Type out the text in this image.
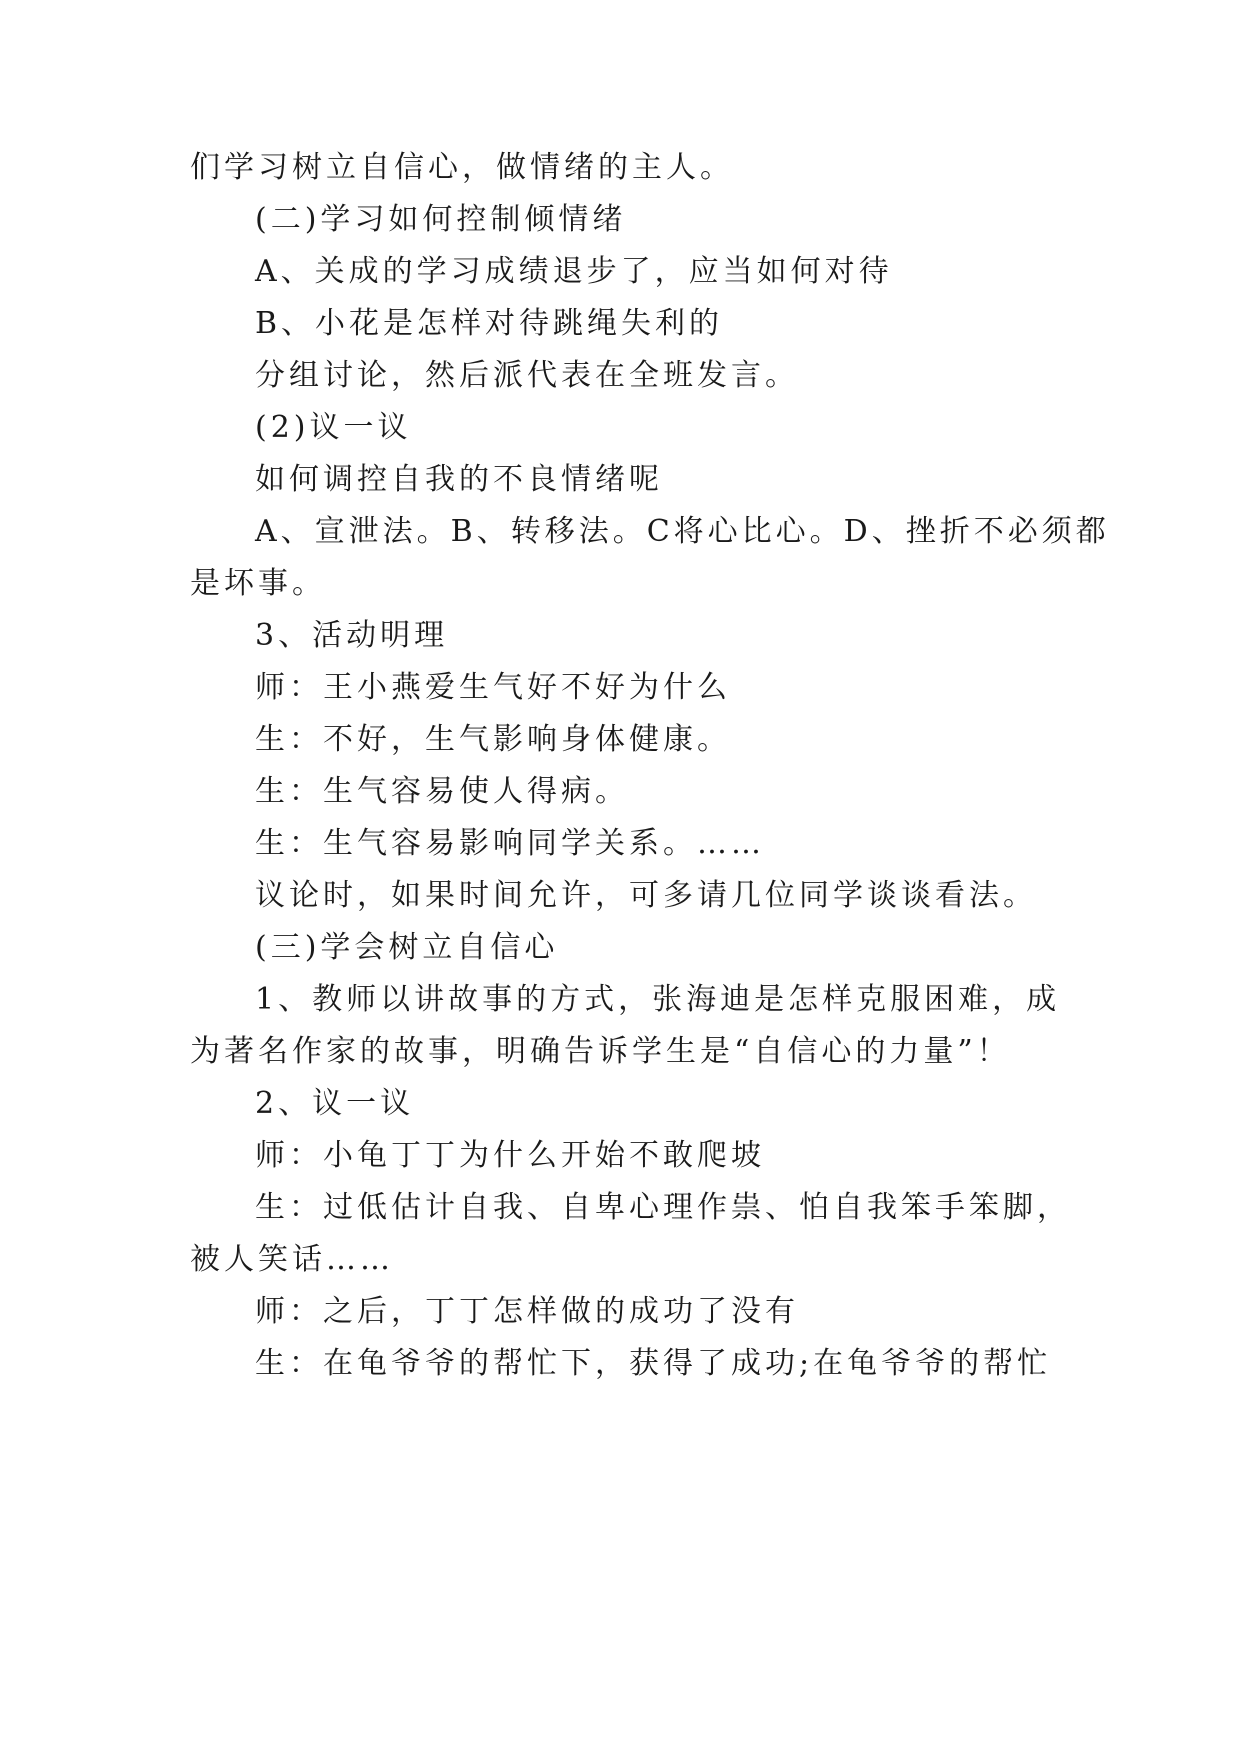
们学习树立自信心，做情绪的主人。
(二)学习如何控制倾情绪
A、关成的学习成绩退步了，应当如何对待
B、小花是怎样对待跳绳失利的
分组讨论，然后派代表在全班发言。
(2)议一议
如何调控自我的不良情绪呢
A、宣泄法。B、转移法。C将心比心。D、挫折不必须都
是坏事。
3、活动明理
师：王小燕爱生气好不好为什么
生：不好，生气影响身体健康。
生：生气容易使人得病。
生：生气容易影响同学关系。……
议论时，如果时间允许，可多请几位同学谈谈看法。
(三)学会树立自信心
1、教师以讲故事的方式，张海迪是怎样克服困难，成
为著名作家的故事，明确告诉学生是“自信心的力量”！
2、议一议
师：小龟丁丁为什么开始不敢爬坡
生：过低估计自我、自卑心理作祟、怕自我笨手笨脚，
被人笑话……
师：之后，丁丁怎样做的成功了没有
生：在龟爷爷的帮忙下，获得了成功;在龟爷爷的帮忙
